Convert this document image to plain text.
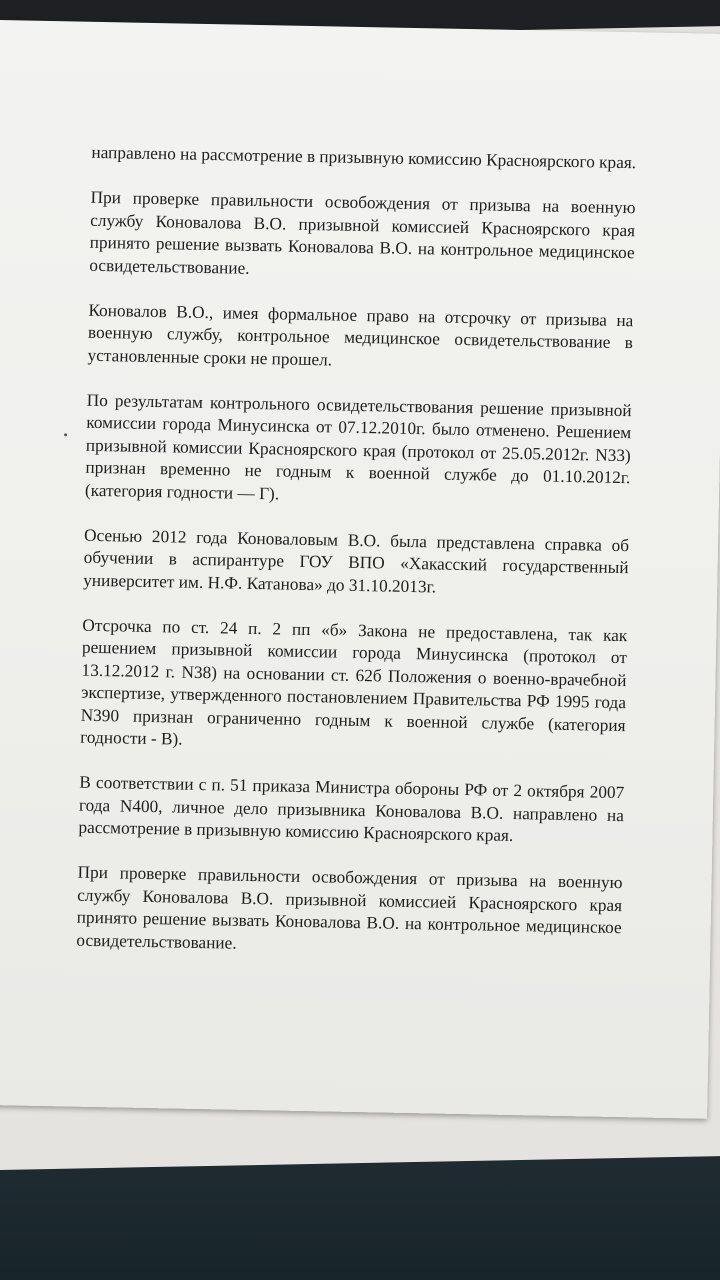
направлено на рассмотрение в призывную комиссию Красноярского края.

При проверке правильности освобождения от призыва на военную службу Коновалова В.О. призывной комиссией Красноярского края принято решение вызвать Коновалова В.О. на контрольное медицинское освидетельствование.

Коновалов В.О., имея формальное право на отсрочку от призыва на военную службу, контрольное медицинское освидетельствование в установленные сроки не прошел.

По результатам контрольного освидетельствования решение призывной комиссии города Минусинска от 07.12.2010г. было отменено. Решением призывной комиссии Красноярского края (протокол от 25.05.2012г. N33) признан временно не годным к военной службе до 01.10.2012г. (категория годности — Г).

Осенью 2012 года Коноваловым В.О. была представлена справка об обучении в аспирантуре ГОУ ВПО «Хакасский государственный университет им. Н.Ф. Катанова» до 31.10.2013г.

Отсрочка по ст. 24 п. 2 пп «б» Закона не предоставлена, так как решением призывной комиссии города Минусинска (протокол от 13.12.2012 г. N38) на основании ст. 62б Положения о военно-врачебной экспертизе, утвержденного постановлением Правительства РФ 1995 года N390 признан ограниченно годным к военной службе (категория годности - В).

В соответствии с п. 51 приказа Министра обороны РФ от 2 октября 2007 года N400, личное дело призывника Коновалова В.О. направлено на рассмотрение в призывную комиссию Красноярского края.

При проверке правильности освобождения от призыва на военную службу Коновалова В.О. призывной комиссией Красноярского края принято решение вызвать Коновалова В.О. на контрольное медицинское освидетельствование.
